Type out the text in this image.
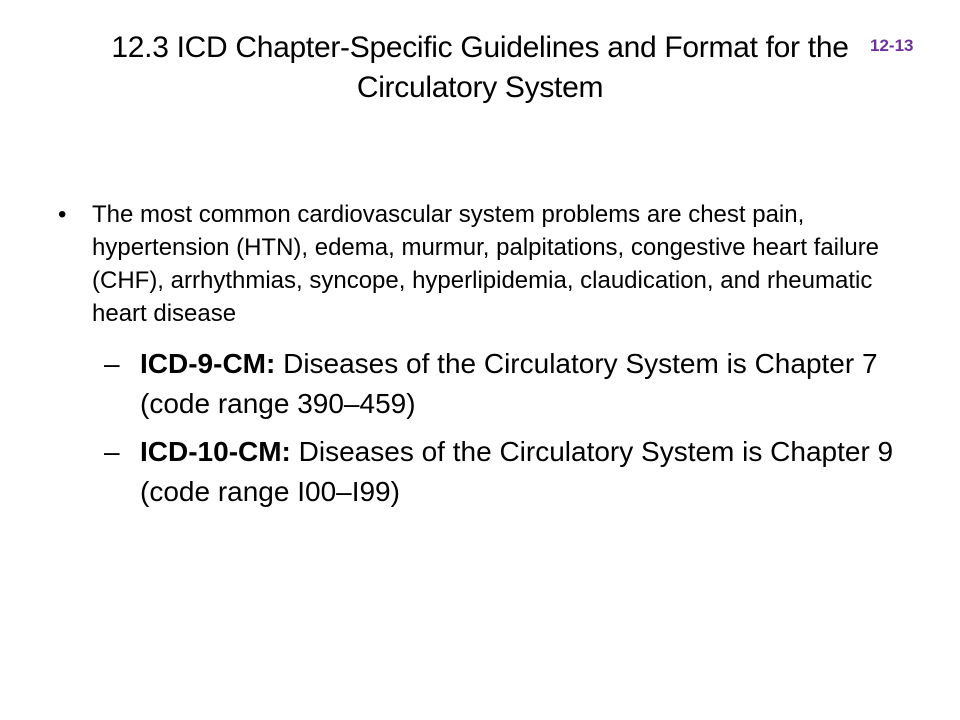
12.3 ICD Chapter-Specific Guidelines and Format for the Circulatory System
12-13
• The most common cardiovascular system problems are chest pain, hypertension (HTN), edema, murmur, palpitations, congestive heart failure (CHF), arrhythmias, syncope, hyperlipidemia, claudication, and rheumatic heart disease
– ICD-9-CM: Diseases of the Circulatory System is Chapter 7 (code range 390–459)
– ICD-10-CM: Diseases of the Circulatory System is Chapter 9 (code range I00–I99)
